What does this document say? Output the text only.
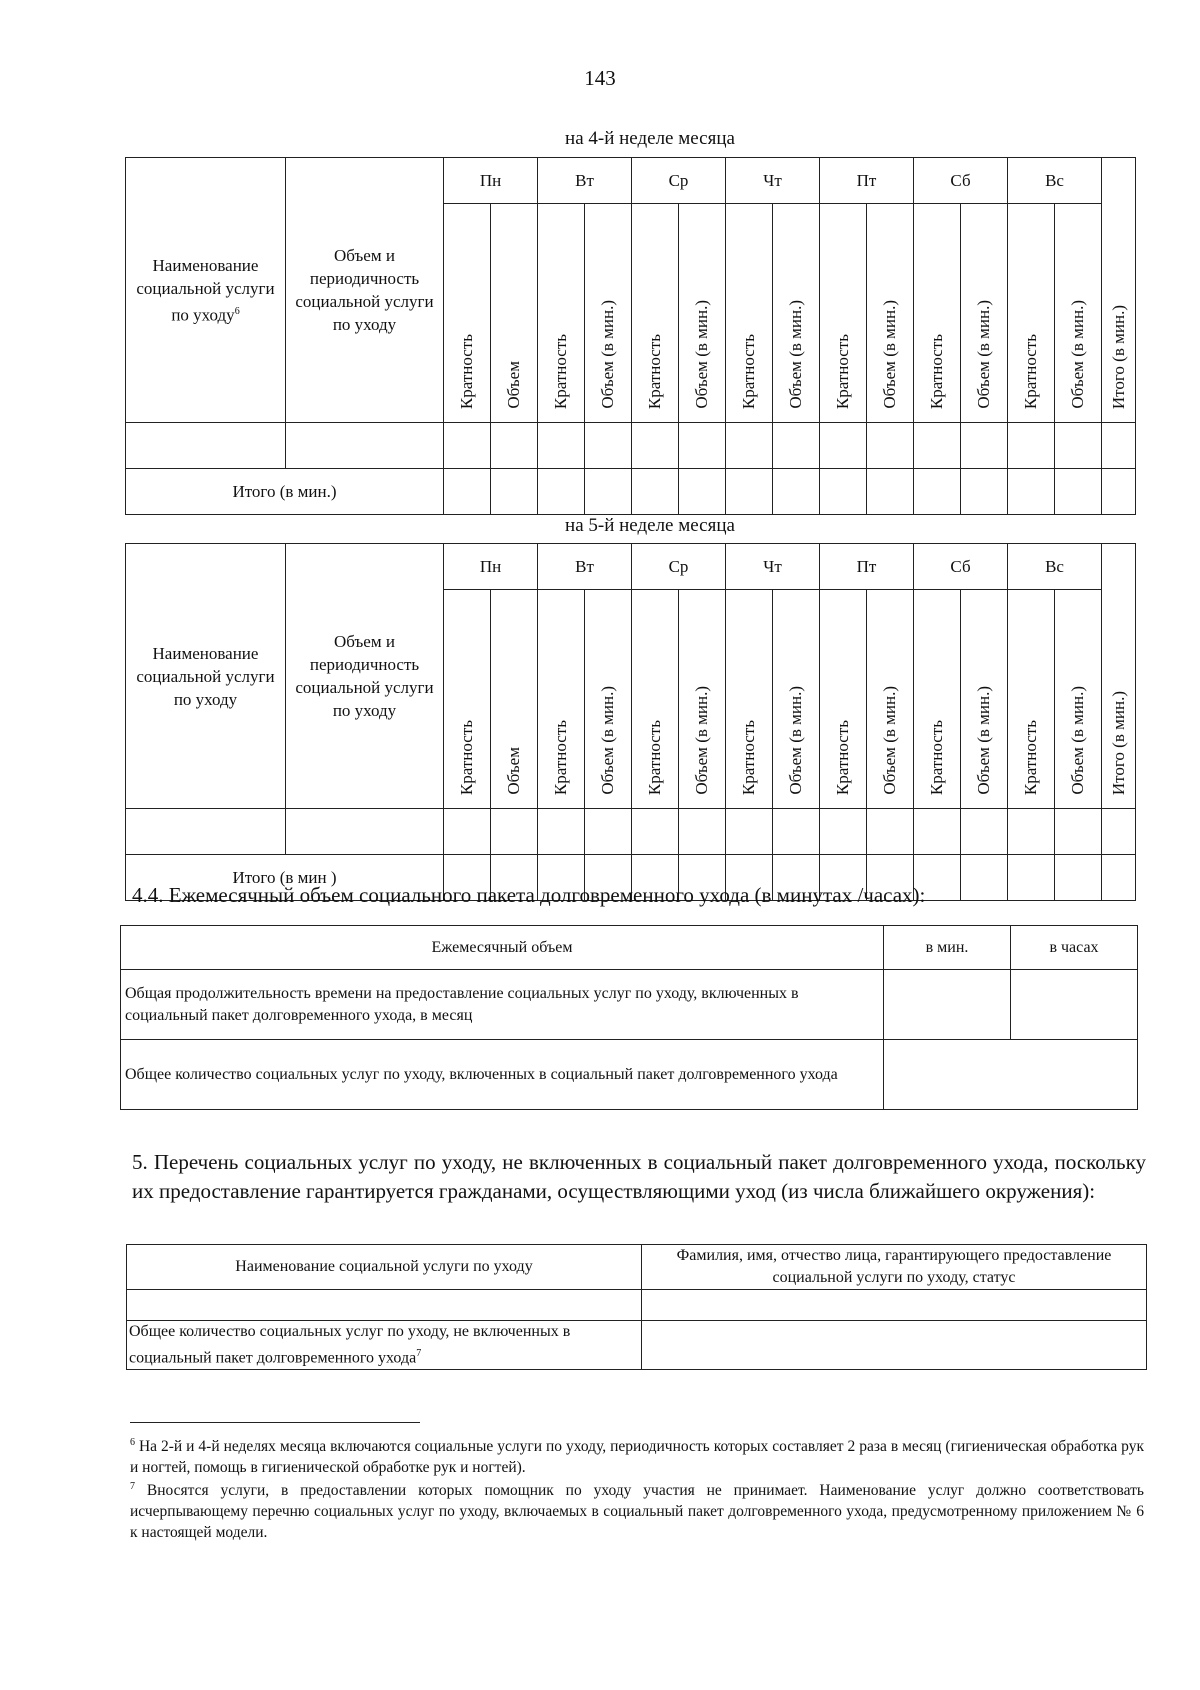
143
на 4-й неделе месяца
Наименование социальной услуги по уходу$^6$	Объем и периодичность социальной услуги по уходу	Пн		Вт		Ср		Чт		Пт		Сб		Вс		Итого (в мин.)
		Кратность	Объем	Кратность	Объем (в мин.)	Кратность	Объем (в мин.)	Кратность	Объем (в мин.)	Кратность	Объем (в мин.)	Кратность	Объем (в мин.)	Кратность	Объем (в мин.)	

Итого (в мин.)																
на 5-й неделе месяца
Наименование социальной услуги по уходу	Объем и периодичность социальной услуги по уходу	Пн		Вт		Ср		Чт		Пт		Сб		Вс		Итого (в мин.)
		Кратность	Объем	Кратность	Объем (в мин.)	Кратность	Объем (в мин.)	Кратность	Объем (в мин.)	Кратность	Объем (в мин.)	Кратность	Объем (в мин.)	Кратность	Объем (в мин.)	

Итого (в мин )																
4.4. Ежемесячный объем социального пакета долговременного ухода (в минутах /часах):
Ежемесячный объем	в мин.	в часах
Общая продолжительность времени на предоставление социальных услуг по уходу, включенных в социальный пакет долговременного ухода, в месяц		
Общее количество социальных услуг по уходу, включенных в социальный пакет долговременного ухода		
5. Перечень социальных услуг по уходу, не включенных в социальный пакет долговременного ухода, поскольку их предоставление гарантируется гражданами, осуществляющими уход (из числа ближайшего окружения):
Наименование социальной услуги по уходу	Фамилия, имя, отчество лица, гарантирующего предоставление социальной услуги по уходу, статус

Общее количество социальных услуг по уходу, не включенных в социальный пакет долговременного ухода$^7$	
$^6$ На 2-й и 4-й неделях месяца включаются социальные услуги по уходу, периодичность которых составляет 2 раза в месяц (гигиеническая обработка рук и ногтей, помощь в гигиенической обработке рук и ногтей).
$^7$ Вносятся услуги, в предоставлении которых помощник по уходу участия не принимает. Наименование услуг должно соответствовать исчерпывающему перечню социальных услуг по уходу, включаемых в социальный пакет долговременного ухода, предусмотренному приложением № 6 к настоящей модели.
